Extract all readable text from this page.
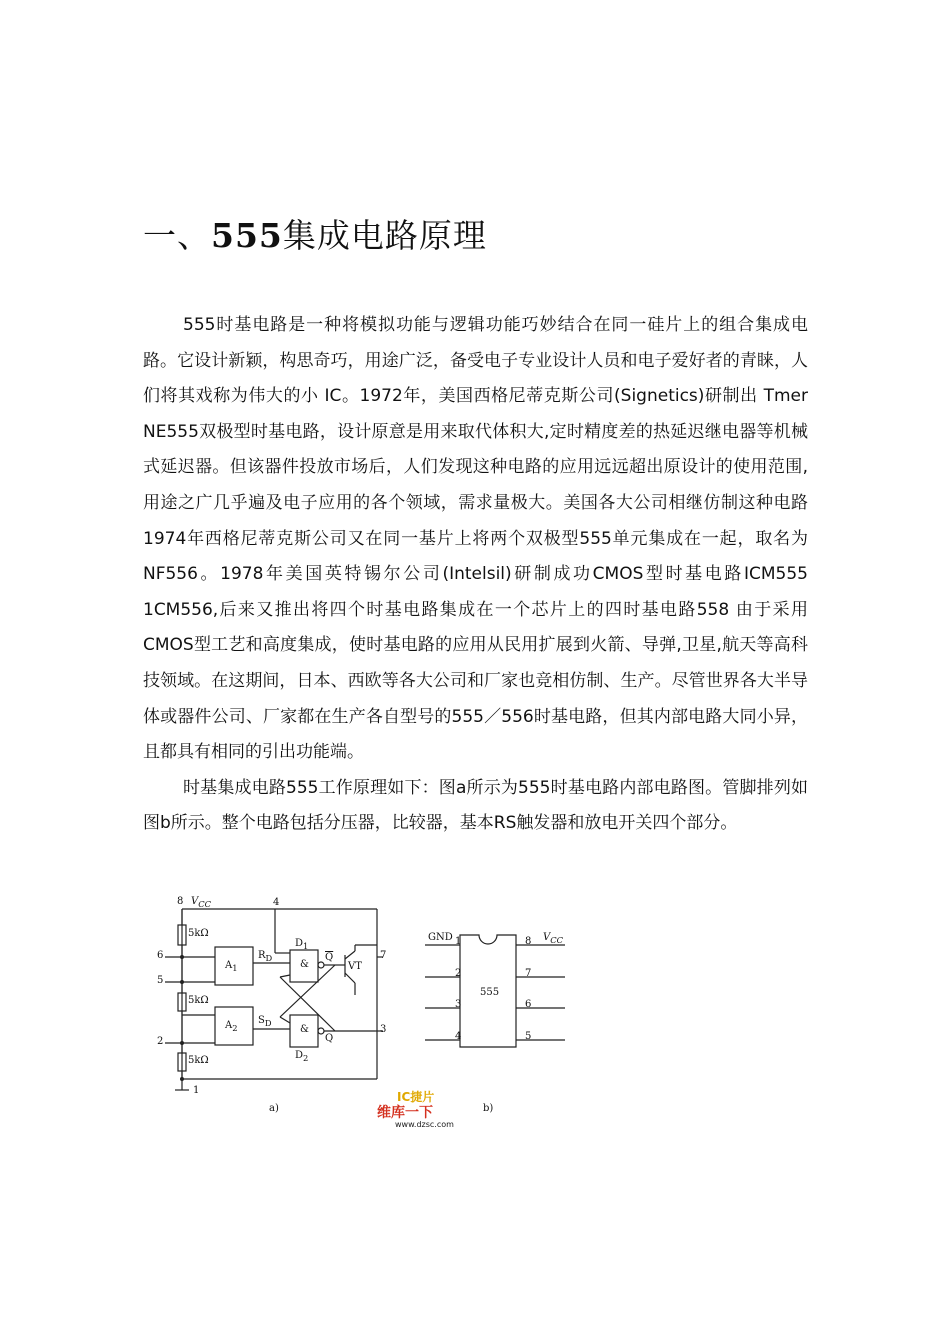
一、555集成电路原理

555时基电路是一种将模拟功能与逻辑功能巧妙结合在同一硅片上的组合集成电路。它设计新颖，构思奇巧，用途广泛，备受电子专业设计人员和电子爱好者的青睐，人们将其戏称为伟大的小 IC。1972年，美国西格尼蒂克斯公司(Signetics)研制出 Tmer NE555双极型时基电路，设计原意是用来取代体积大,定时精度差的热延迟继电器等机械式延迟器。但该器件投放市场后，人们发现这种电路的应用远远超出原设计的使用范围,用途之广几乎遍及电子应用的各个领域，需求量极大。美国各大公司相继仿制这种电路 1974年西格尼蒂克斯公司又在同一基片上将两个双极型555单元集成在一起，取名为NF556。1978年美国英特锡尔公司(Intelsil)研制成功CMOS型时基电路ICM555 1CM556,后来又推出将四个时基电路集成在一个芯片上的四时基电路558 由于采用CMOS型工艺和高度集成，使时基电路的应用从民用扩展到火箭、导弹,卫星,航天等高科技领域。在这期间，日本、西欧等各大公司和厂家也竞相仿制、生产。尽管世界各大半导体或器件公司、厂家都在生产各自型号的555／556时基电路，但其内部电路大同小异，且都具有相同的引出功能端。

时基集成电路555工作原理如下：图a所示为555时基电路内部电路图。管脚排列如图b所示。整个电路包括分压器，比较器，基本RS触发器和放电开关四个部分。

8 $V_{CC}$	4
5kΩ
5kΩ
5kΩ
6
5
2
1
$A_1$
$A_2$
$R_D$
$S_D$
$D_1$
$D_2$
&
&
$\overline{Q}$
Q
VT
7
3
a)
GND	$V_{CC}$
555
1
2
3
4
8
7
6
5
b)
IC捷片
维库一下
www.dzsc.com
